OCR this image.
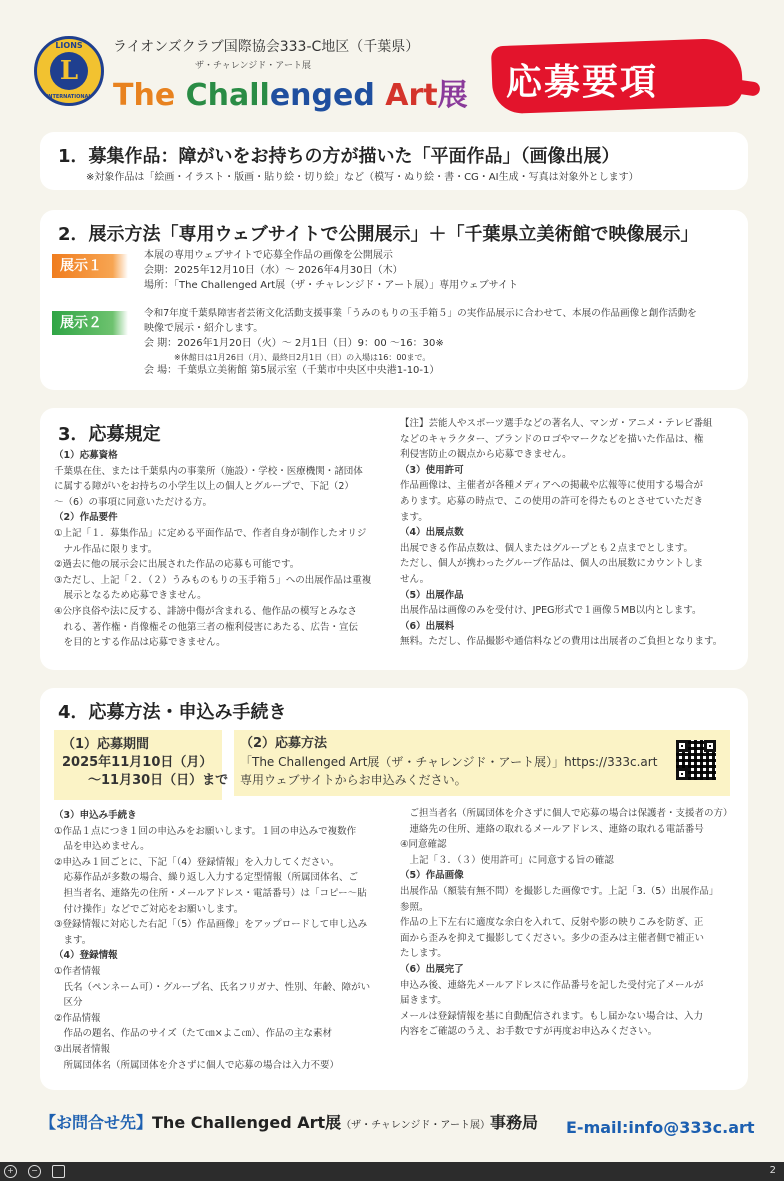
LIONS
L
INTERNATIONAL
ライオンズクラブ国際協会333-C地区（千葉県）
ザ・チャレンジド・アート展
The Challenged Art展 応募要項
1．募集作品：障がいをお持ちの方が描いた「平面作品」（画像出展）
※対象作品は「絵画・イラスト・版画・貼り絵・切り絵」など（模写・ぬり絵・書・CG・AI生成・写真は対象外とします）
2．展示方法「専用ウェブサイトで公開展示」＋「千葉県立美術館で映像展示」
展示１
本展の専用ウェブサイトで応募全作品の画像を公開展示
会期：2025年12月10日（水）～ 2026年4月30日（木）
場所：「The Challenged Art展（ザ・チャレンジド・アート展）」専用ウェブサイト
展示２
令和7年度千葉県障害者芸術文化活動支援事業「うみのもりの玉手箱５」の実作品展示に合わせて、本展の作品画像と創作活動を
映像で展示・紹介します。
会 期：2026年1月20日（火）～ 2月1日（日）9：00 ～16：30※
※休館日は1月26日（月）、最終日2月1日（日）の入場は16：00まで。
会 場：千葉県立美術館 第5展示室（千葉市中央区中央港1-10-1）
3．応募規定
（1）応募資格
千葉県在住、または千葉県内の事業所（施設）・学校・医療機関・諸団体
に属する障がいをお持ちの小学生以上の個人とグループで、下記（2）
～（6）の事項に同意いただける方。
（2）作品要件
①上記「１．募集作品」に定める平面作品で、作者自身が制作したオリジ
　ナル作品に限ります。
②過去に他の展示会に出展された作品の応募も可能です。
③ただし、上記「２．（２）うみものもりの玉手箱５」への出展作品は重複
　展示となるため応募できません。
④公序良俗や法に反する、誹謗中傷が含まれる、他作品の模写とみなさ
　れる、著作権・肖像権その他第三者の権利侵害にあたる、広告・宣伝
　を目的とする作品は応募できません。
【注】芸能人やスポーツ選手などの著名人、マンガ・アニメ・テレビ番組
などのキャラクター、ブランドのロゴやマークなどを描いた作品は、権
利侵害防止の観点から応募できません。
（3）使用許可
作品画像は、主催者が各種メディアへの掲載や広報等に使用する場合が
あります。応募の時点で、この使用の許可を得たものとさせていただき
ます。
（4）出展点数
出展できる作品点数は、個人またはグループとも２点までとします。
ただし、個人が携わったグループ作品は、個人の出展数にカウントしま
せん。
（5）出展作品
出展作品は画像のみを受付け、JPEG形式で１画像５MB以内とします。
（6）出展料
無料。ただし、作品撮影や通信料などの費用は出展者のご負担となります。
4．応募方法・申込み手続き
（1）応募期間
2025年11月10日（月）
～11月30日（日）まで
（2）応募方法
「The Challenged Art展（ザ・チャレンジド・アート展）」https://333c.art
専用ウェブサイトからお申込みください。
（3）申込み手続き
①作品１点につき１回の申込みをお願いします。１回の申込みで複数作
　品を申込めません。
②申込み１回ごとに、下記「（4）登録情報」を入力してください。
　応募作品が多数の場合、繰り返し入力する定型情報（所属団体名、ご
　担当者名、連絡先の住所・メールアドレス・電話番号）は「コピー～貼
　付け操作」などでご対応をお願いします。
③登録情報に対応した右記「（5）作品画像」をアップロードして申し込み
　ます。
（4）登録情報
①作者情報
　氏名（ペンネーム可）・グループ名、氏名フリガナ、性別、年齢、障がい
　区分
②作品情報
　作品の題名、作品のサイズ（たて㎝×よこ㎝）、作品の主な素材
③出展者情報
　所属団体名（所属団体を介さずに個人で応募の場合は入力不要）
　ご担当者名（所属団体を介さずに個人で応募の場合は保護者・支援者の方）
　連絡先の住所、連絡の取れるメールアドレス、連絡の取れる電話番号
④同意確認
　上記「３．（３）使用許可」に同意する旨の確認
（5）作品画像
出展作品（額装有無不問）を撮影した画像です。上記「3.（5）出展作品」
参照。
作品の上下左右に適度な余白を入れて、反射や影の映りこみを防ぎ、正
面から歪みを抑えて撮影してください。多少の歪みは主催者側で補正い
たします。
（6）出展完了
申込み後、連絡先メールアドレスに作品番号を記した受付完了メールが
届きます。
メールは登録情報を基に自動配信されます。もし届かない場合は、入力
内容をご確認のうえ、お手数ですが再度お申込みください。
【お問合せ先】The Challenged Art展（ザ・チャレンジド・アート展）事務局 E-mail:info@333c.art
+	−	2
